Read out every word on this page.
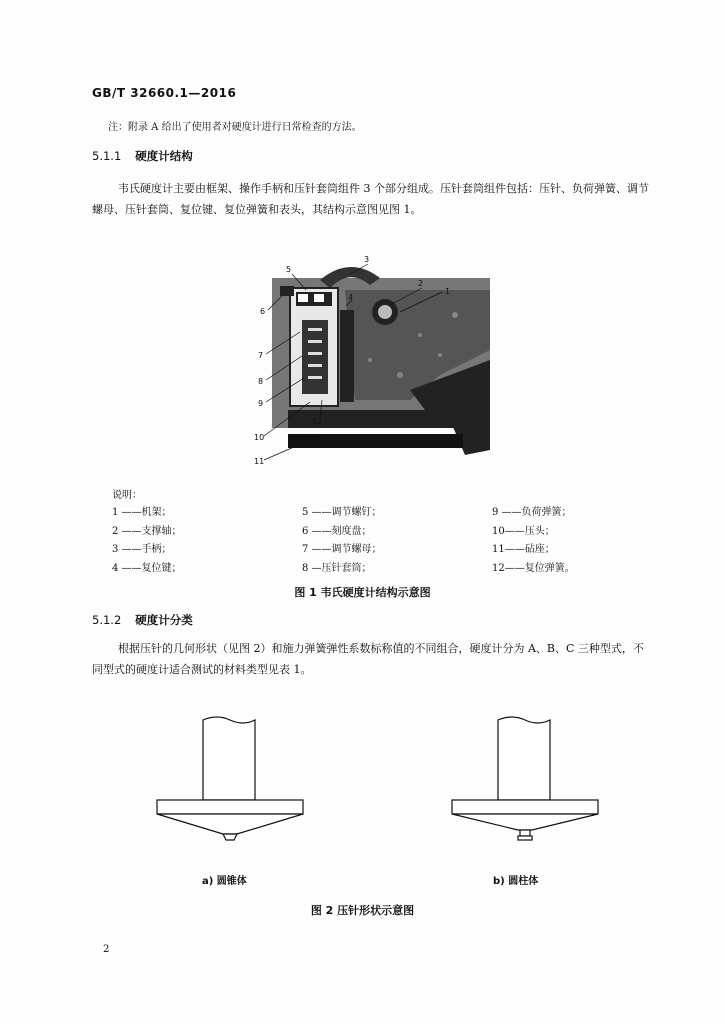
GB/T 32660.1—2016
注：附录 A 给出了使用者对硬度计进行日常检查的方法。
5.1.1 硬度计结构
韦氏硬度计主要由框架、操作手柄和压针套筒组件 3 个部分组成。压针套筒组件包括：压针、负荷弹簧、调节螺母、压针套筒、复位键、复位弹簧和表头，其结构示意图见图 1。
1
2
3
4
5
6
7
8
9
10
11
12
说明：
1 ——机架；
2 ——支撑轴；
3 ——手柄；
4 ——复位键；
5 ——调节螺钉；
6 ——刻度盘；
7 ——调节螺母；
8 —压针套筒；
9 ——负荷弹簧；
10——压头；
11——砧座；
12——复位弹簧。
图 1 韦氏硬度计结构示意图
5.1.2 硬度计分类
根据压针的几何形状（见图 2）和施力弹簧弹性系数标称值的不同组合，硬度计分为 A、B、C 三种型式，不同型式的硬度计适合测试的材料类型见表 1。
a) 圆锥体	b) 圆柱体
图 2 压针形状示意图
2
